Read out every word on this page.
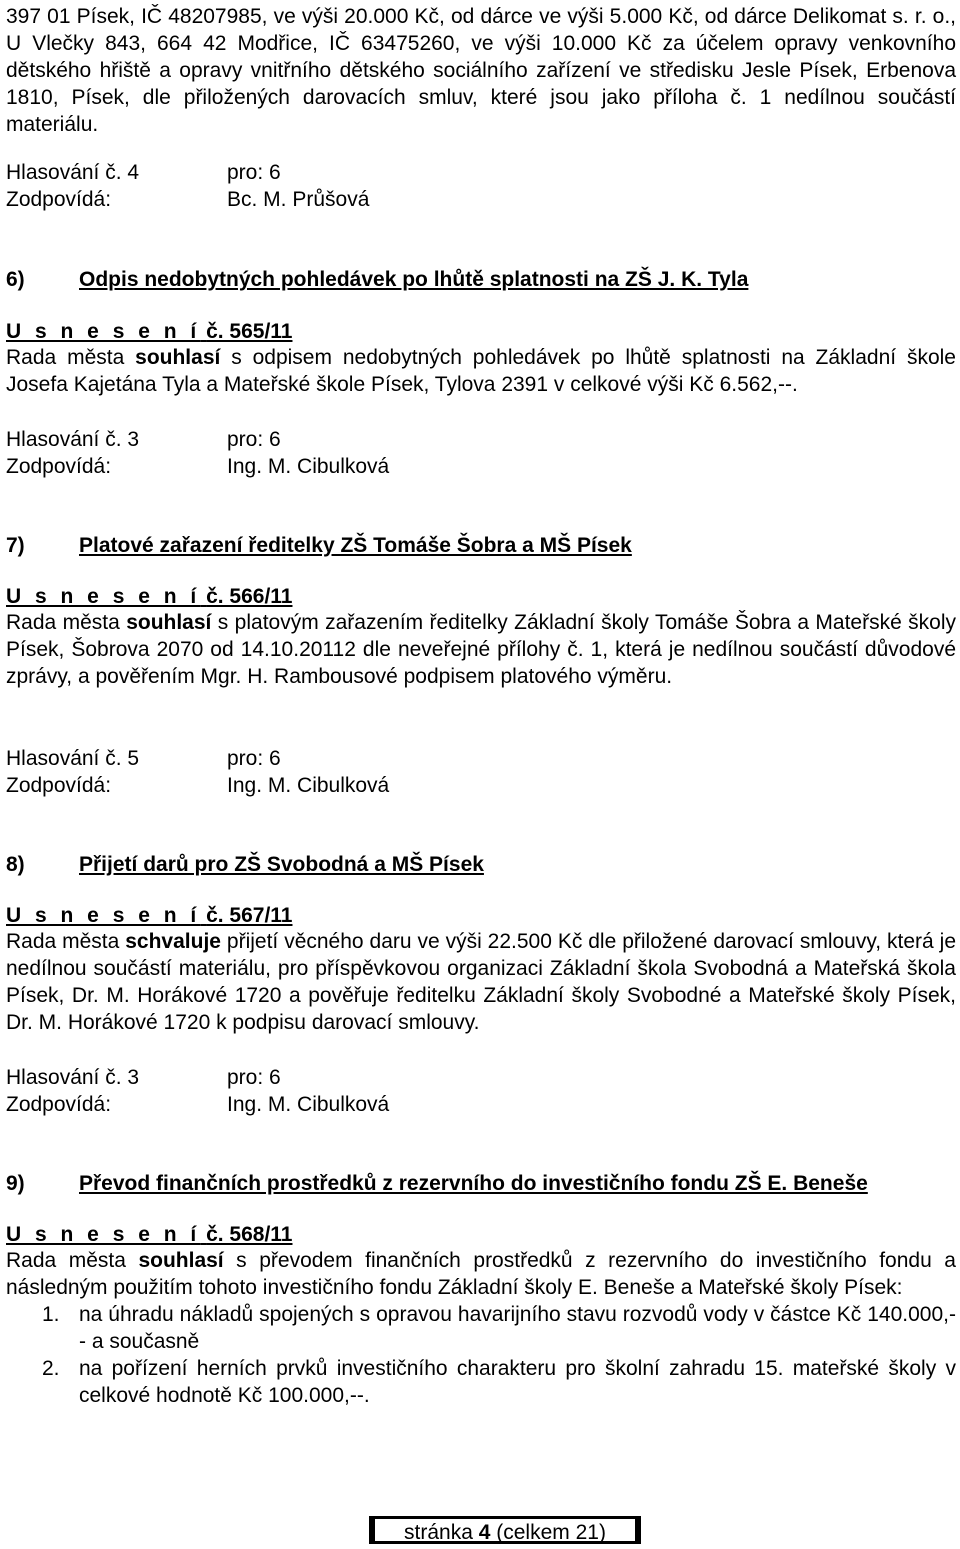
397 01 Písek, IČ 48207985, ve výši 20.000 Kč, od dárce ve výši 5.000 Kč, od dárce Delikomat s. r. o., U Vlečky 843, 664 42 Modřice, IČ 63475260, ve výši 10.000 Kč za účelem opravy venkovního dětského hřiště a opravy vnitřního dětského sociálního zařízení ve středisku Jesle Písek, Erbenova 1810, Písek, dle přiložených darovacích smluv, které jsou jako příloha č. 1 nedílnou součástí materiálu.

Hlasování č. 4	pro: 6
Zodpovídá:	Bc. M. Průšová
6)	Odpis nedobytných pohledávek po lhůtě splatnosti na ZŠ J. K. Tyla
U s n e s e n í č. 565/11

Rada města souhlasí s odpisem nedobytných pohledávek po lhůtě splatnosti na Základní škole Josefa Kajetána Tyla a Mateřské škole Písek, Tylova 2391 v celkové výši Kč 6.562,--.

Hlasování č. 3	pro: 6
Zodpovídá:	Ing. M. Cibulková
7)	Platové zařazení ředitelky ZŠ Tomáše Šobra a MŠ Písek
U s n e s e n í č. 566/11

Rada města souhlasí s platovým zařazením ředitelky Základní školy Tomáše Šobra a Mateřské školy Písek, Šobrova 2070 od 14.10.20112 dle neveřejné přílohy č. 1, která je nedílnou součástí důvodové zprávy, a pověřením Mgr. H. Rambousové podpisem platového výměru.

Hlasování č. 5	pro: 6
Zodpovídá:	Ing. M. Cibulková
8)	Přijetí darů pro ZŠ Svobodná a MŠ Písek
U s n e s e n í č. 567/11

Rada města schvaluje přijetí věcného daru ve výši 22.500 Kč dle přiložené darovací smlouvy, která je nedílnou součástí materiálu, pro příspěvkovou organizaci Základní škola Svobodná a Mateřská škola Písek, Dr. M. Horákové 1720 a pověřuje ředitelku Základní školy Svobodné a Mateřské školy Písek, Dr. M. Horákové 1720 k podpisu darovací smlouvy.

Hlasování č. 3	pro: 6
Zodpovídá:	Ing. M. Cibulková
9)	Převod finančních prostředků z rezervního do investičního fondu ZŠ E. Beneše
U s n e s e n í č. 568/11

Rada města souhlasí s převodem finančních prostředků z rezervního do investičního fondu a následným použitím tohoto investičního fondu Základní školy E. Beneše a Mateřské školy Písek:

1. na úhradu nákladů spojených s opravou havarijního stavu rozvodů vody v částce Kč 140.000,-- a současně
2. na pořízení herních prvků investičního charakteru pro školní zahradu 15. mateřské školy v celkové hodnotě Kč 100.000,--.
stránka 4 (celkem 21)
